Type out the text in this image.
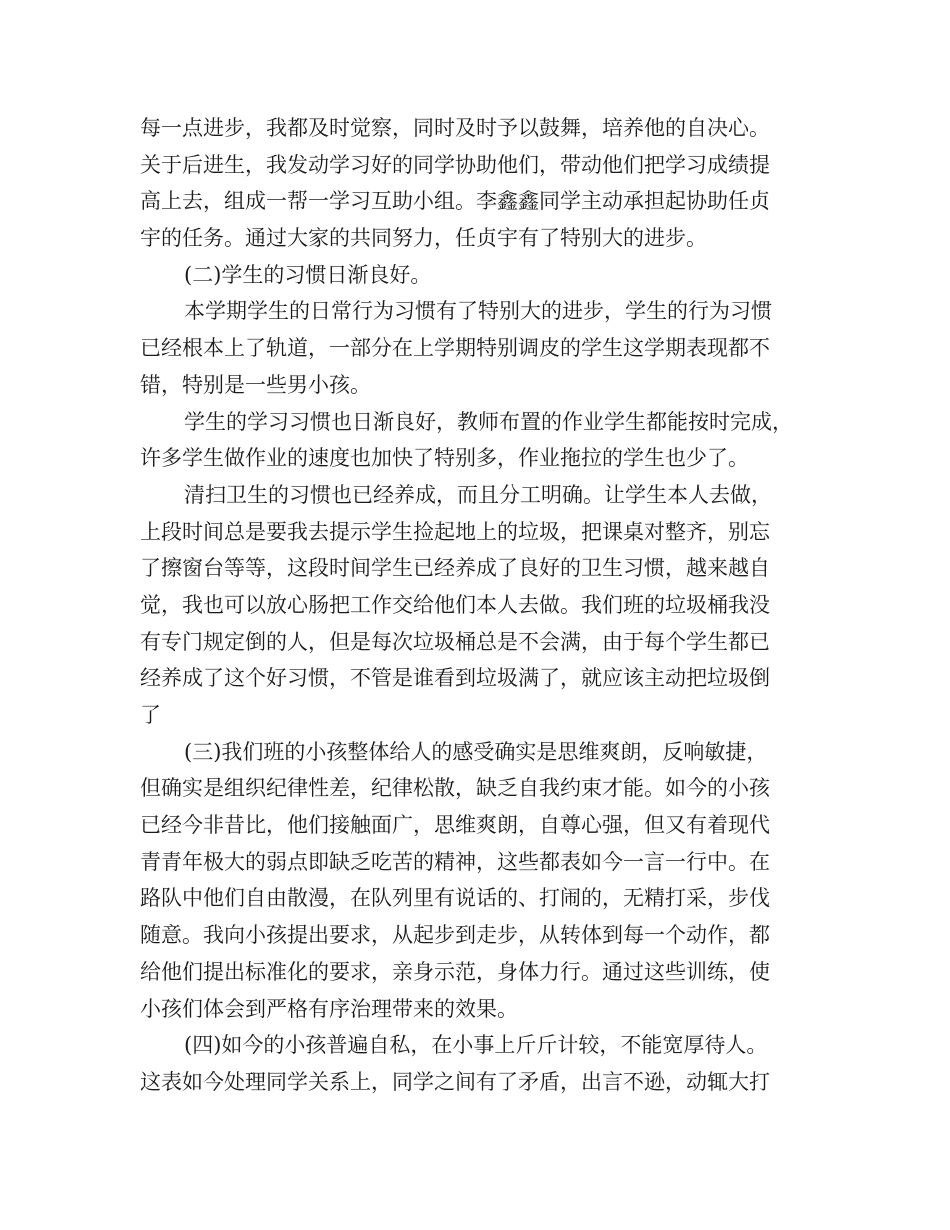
每一点进步，我都及时觉察，同时及时予以鼓舞，培养他的自决心。
关于后进生，我发动学习好的同学协助他们，带动他们把学习成绩提
高上去，组成一帮一学习互助小组。李鑫鑫同学主动承担起协助任贞
宇的任务。通过大家的共同努力，任贞宇有了特别大的进步。
(二)学生的习惯日渐良好。
本学期学生的日常行为习惯有了特别大的进步，学生的行为习惯
已经根本上了轨道，一部分在上学期特别调皮的学生这学期表现都不
错，特别是一些男小孩。
学生的学习习惯也日渐良好，教师布置的作业学生都能按时完成，
许多学生做作业的速度也加快了特别多，作业拖拉的学生也少了。
清扫卫生的习惯也已经养成，而且分工明确。让学生本人去做，
上段时间总是要我去提示学生捡起地上的垃圾，把课桌对整齐，别忘
了擦窗台等等，这段时间学生已经养成了良好的卫生习惯，越来越自
觉，我也可以放心肠把工作交给他们本人去做。我们班的垃圾桶我没
有专门规定倒的人，但是每次垃圾桶总是不会满，由于每个学生都已
经养成了这个好习惯，不管是谁看到垃圾满了，就应该主动把垃圾倒
了
(三)我们班的小孩整体给人的感受确实是思维爽朗，反响敏捷，
但确实是组织纪律性差，纪律松散，缺乏自我约束才能。如今的小孩
已经今非昔比，他们接触面广，思维爽朗，自尊心强，但又有着现代
青青年极大的弱点即缺乏吃苦的精神，这些都表如今一言一行中。在
路队中他们自由散漫，在队列里有说话的、打闹的，无精打采，步伐
随意。我向小孩提出要求，从起步到走步，从转体到每一个动作，都
给他们提出标准化的要求，亲身示范，身体力行。通过这些训练，使
小孩们体会到严格有序治理带来的效果。
(四)如今的小孩普遍自私，在小事上斤斤计较，不能宽厚待人。
这表如今处理同学关系上，同学之间有了矛盾，出言不逊，动辄大打
